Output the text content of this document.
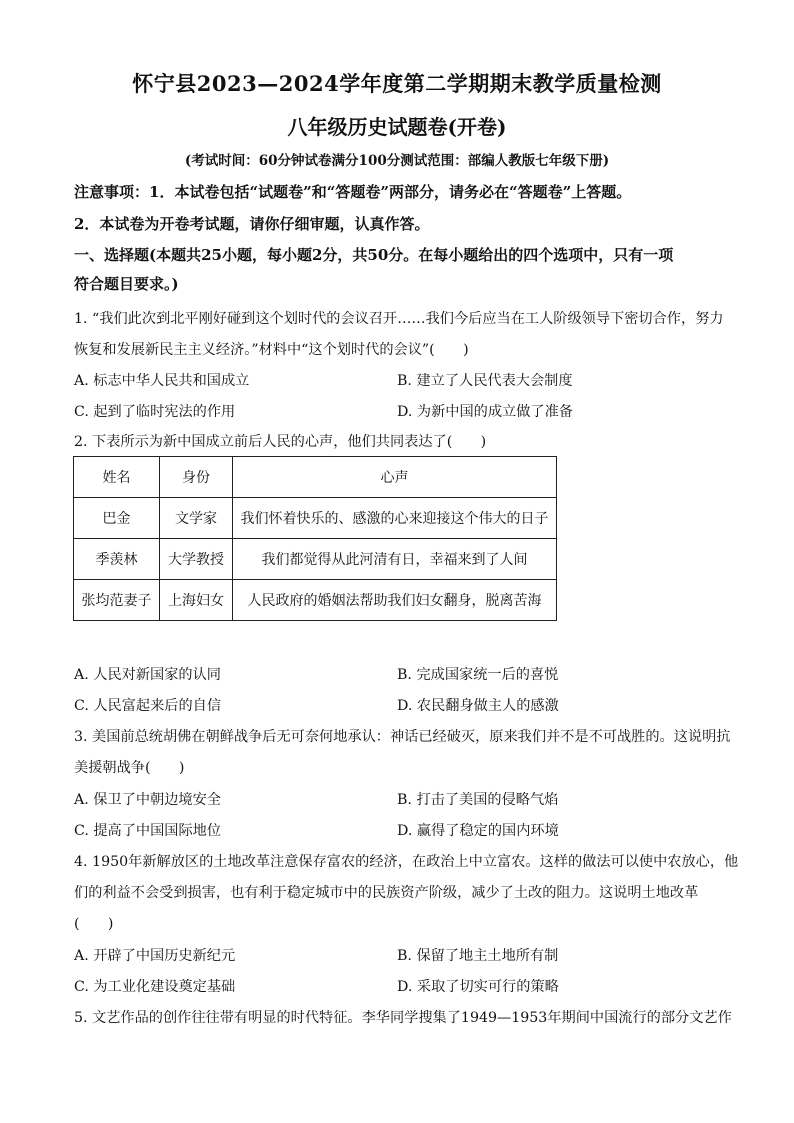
怀宁县2023—2024学年度第二学期期末教学质量检测
八年级历史试题卷(开卷)
(考试时间：60分钟试卷满分100分测试范围：部编人教版七年级下册)
注意事项：1．本试卷包括“试题卷”和“答题卷”两部分，请务必在“答题卷”上答题。
2．本试卷为开卷考试题，请你仔细审题，认真作答。
一、选择题(本题共25小题，每小题2分，共50分。在每小题给出的四个选项中，只有一项
符合题目要求。)
1. “我们此次到北平刚好碰到这个划时代的会议召开……我们今后应当在工人阶级领导下密切合作，努力
恢复和发展新民主主义经济。”材料中“这个划时代的会议”(　　)
A. 标志中华人民共和国成立	B. 建立了人民代表大会制度
C. 起到了临时宪法的作用	D. 为新中国的成立做了准备
2. 下表所示为新中国成立前后人民的心声，他们共同表达了(　　)
姓名	身份	心声
巴金	文学家	我们怀着快乐的、感激的心来迎接这个伟大的日子
季羡林	大学教授	我们都觉得从此河清有日，幸福来到了人间
张均范妻子	上海妇女	人民政府的婚姻法帮助我们妇女翻身，脱离苦海
A. 人民对新国家的认同	B. 完成国家统一后的喜悦
C. 人民富起来后的自信	D. 农民翻身做主人的感激
3. 美国前总统胡佛在朝鲜战争后无可奈何地承认：神话已经破灭，原来我们并不是不可战胜的。这说明抗
美援朝战争(　　)
A. 保卫了中朝边境安全	B. 打击了美国的侵略气焰
C. 提高了中国国际地位	D. 赢得了稳定的国内环境
4. 1950年新解放区的土地改革注意保存富农的经济，在政治上中立富农。这样的做法可以使中农放心，他
们的利益不会受到损害，也有利于稳定城市中的民族资产阶级，减少了土改的阻力。这说明土地改革
(　　)
A. 开辟了中国历史新纪元	B. 保留了地主土地所有制
C. 为工业化建设奠定基础	D. 采取了切实可行的策略
5. 文艺作品的创作往往带有明显的时代特征。李华同学搜集了1949—1953年期间中国流行的部分文艺作
